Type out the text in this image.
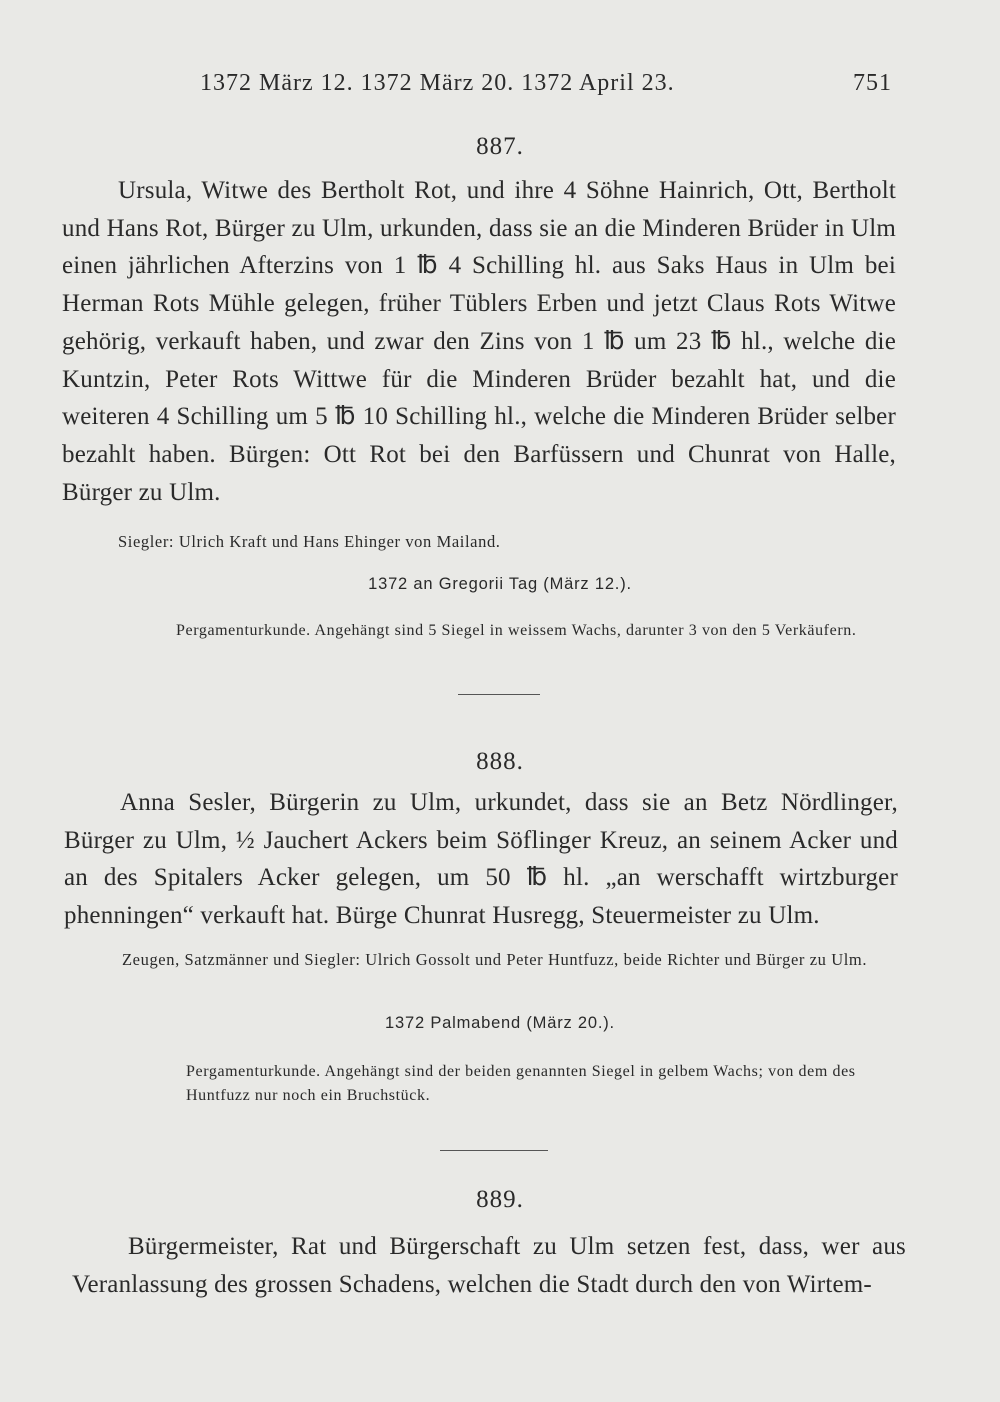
1372 März 12. 1372 März 20. 1372 April 23.	751
887.
Ursula, Witwe des Bertholt Rot, und ihre 4 Söhne Hainrich, Ott, Bertholt und Hans Rot, Bürger zu Ulm, urkunden, dass sie an die Minderen Brüder in Ulm einen jährlichen Afterzins von 1 ℔ 4 Schilling hl. aus Saks Haus in Ulm bei Herman Rots Mühle gelegen, früher Tüblers Erben und jetzt Claus Rots Witwe gehörig, verkauft haben, und zwar den Zins von 1 ℔ um 23 ℔ hl., welche die Kuntzin, Peter Rots Wittwe für die Minderen Brüder bezahlt hat, und die weiteren 4 Schilling um 5 ℔ 10 Schilling hl., welche die Minderen Brüder selber bezahlt haben. Bürgen: Ott Rot bei den Barfüssern und Chunrat von Halle, Bürger zu Ulm.
Siegler: Ulrich Kraft und Hans Ehinger von Mailand.
1372 an Gregorii Tag (März 12.).
Pergamenturkunde. Angehängt sind 5 Siegel in weissem Wachs, darunter 3 von den 5 Verkäufern.
888.
Anna Sesler, Bürgerin zu Ulm, urkundet, dass sie an Betz Nördlinger, Bürger zu Ulm, ½ Jauchert Ackers beim Söflinger Kreuz, an seinem Acker und an des Spitalers Acker gelegen, um 50 ℔ hl. „an werschafft wirtzburger phenningen“ verkauft hat. Bürge Chunrat Husregg, Steuermeister zu Ulm.
Zeugen, Satzmänner und Siegler: Ulrich Gossolt und Peter Huntfuzz, beide Richter und Bürger zu Ulm.
1372 Palmabend (März 20.).
Pergamenturkunde. Angehängt sind der beiden genannten Siegel in gelbem Wachs; von dem des Huntfuzz nur noch ein Bruchstück.
889.
Bürgermeister, Rat und Bürgerschaft zu Ulm setzen fest, dass, wer aus Veranlassung des grossen Schadens, welchen die Stadt durch den von Wirtem-
